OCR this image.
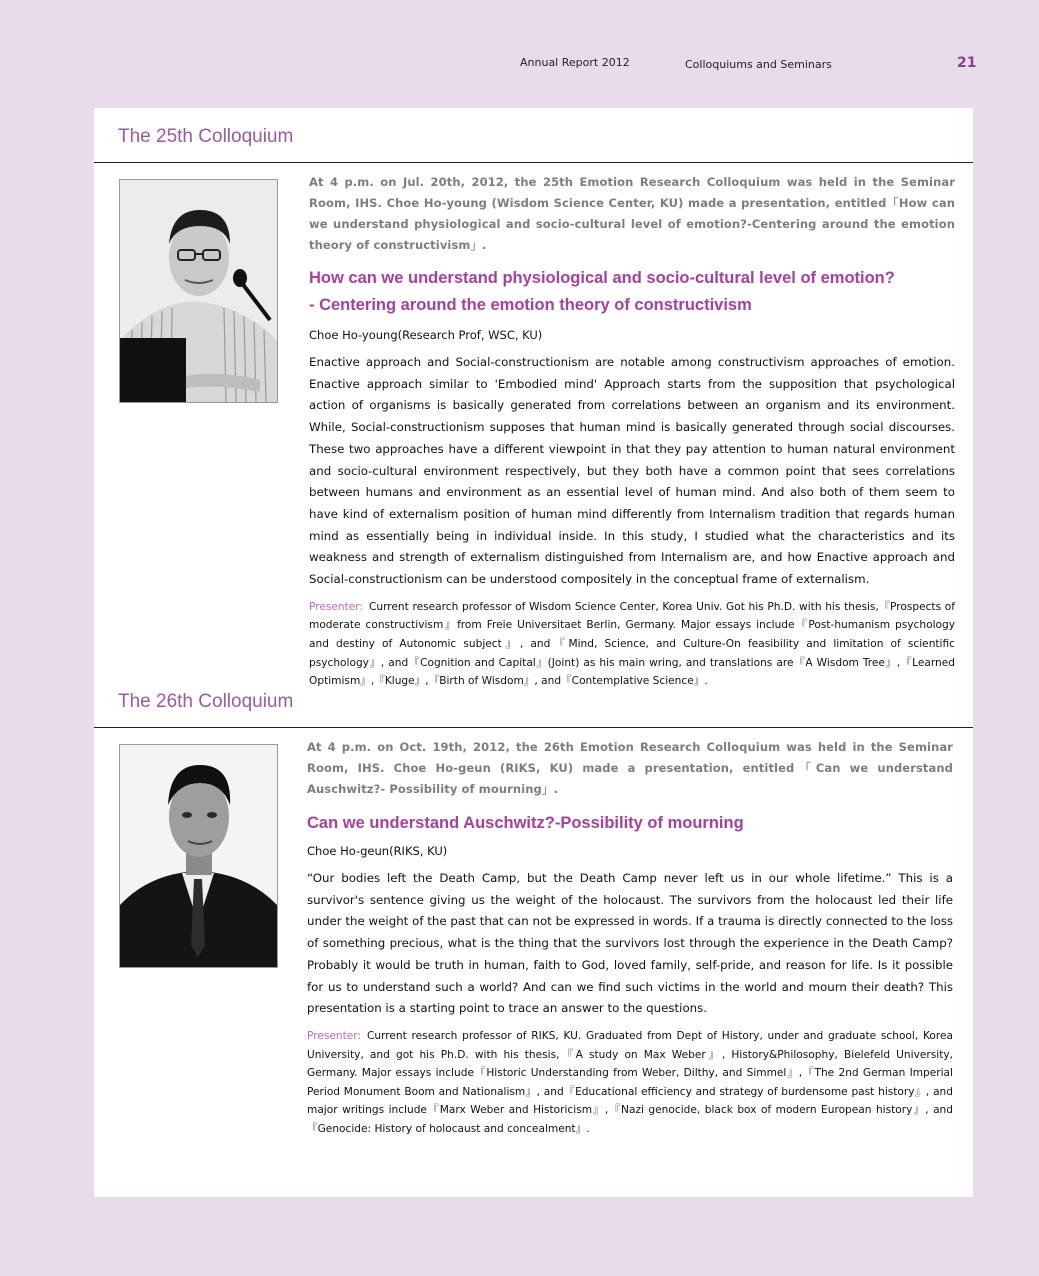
Annual Report 2012	Colloquiums and Seminars	21
The 25th Colloquium

At 4 p.m. on Jul. 20th, 2012, the 25th Emotion Research Colloquium was held in the Seminar Room, IHS. Choe Ho-young (Wisdom Science Center, KU) made a presentation, entitled「How can we understand physiological and socio-cultural level of emotion?-Centering around the emotion theory of constructivism」.

How can we understand physiological and socio-cultural level of emotion?

- Centering around the emotion theory of constructivism

Choe Ho-young(Research Prof, WSC, KU)

Enactive approach and Social-constructionism are notable among constructivism approaches of emotion. Enactive approach similar to 'Embodied mind' Approach starts from the supposition that psychological action of organisms is basically generated from correlations between an organism and its environment. While, Social-constructionism supposes that human mind is basically generated through social discourses. These two approaches have a different viewpoint in that they pay attention to human natural environment and socio-cultural environment respectively, but they both have a common point that sees correlations between humans and environment as an essential level of human mind. And also both of them seem to have kind of externalism position of human mind differently from Internalism tradition that regards human mind as essentially being in individual inside. In this study, I studied what the characteristics and its weakness and strength of externalism distinguished from Internalism are, and how Enactive approach and Social-constructionism can be understood compositely in the conceptual frame of externalism.

Presenter: Current research professor of Wisdom Science Center, Korea Univ. Got his Ph.D. with his thesis,『Prospects of moderate constructivism』from Freie Universitaet Berlin, Germany. Major essays include『Post-humanism psychology and destiny of Autonomic subject』, and『Mind, Science, and Culture-On feasibility and limitation of scientific psychology』, and『Cognition and Capital』(Joint) as his main wring, and translations are『A Wisdom Tree』,『Learned Optimism』,『Kluge』,『Birth of Wisdom』, and『Contemplative Science』.

The 26th Colloquium

At 4 p.m. on Oct. 19th, 2012, the 26th Emotion Research Colloquium was held in the Seminar Room, IHS. Choe Ho-geun (RIKS, KU) made a presentation, entitled「Can we understand Auschwitz?- Possibility of mourning」.

Can we understand Auschwitz?-Possibility of mourning

Choe Ho-geun(RIKS, KU)

“Our bodies left the Death Camp, but the Death Camp never left us in our whole lifetime.” This is a survivor's sentence giving us the weight of the holocaust. The survivors from the holocaust led their life under the weight of the past that can not be expressed in words. If a trauma is directly connected to the loss of something precious, what is the thing that the survivors lost through the experience in the Death Camp? Probably it would be truth in human, faith to God, loved family, self-pride, and reason for life. Is it possible for us to understand such a world? And can we find such victims in the world and mourn their death? This presentation is a starting point to trace an answer to the questions.

Presenter: Current research professor of RIKS, KU. Graduated from Dept of History, under and graduate school, Korea University, and got his Ph.D. with his thesis,『A study on Max Weber』, History&Philosophy, Bielefeld University, Germany. Major essays include『Historic Understanding from Weber, Dilthy, and Simmel』,『The 2nd German Imperial Period Monument Boom and Nationalism』, and『Educational efficiency and strategy of burdensome past history』, and major writings include『Marx Weber and Historicism』,『Nazi genocide, black box of modern European history』, and『Genocide: History of holocaust and concealment』.
